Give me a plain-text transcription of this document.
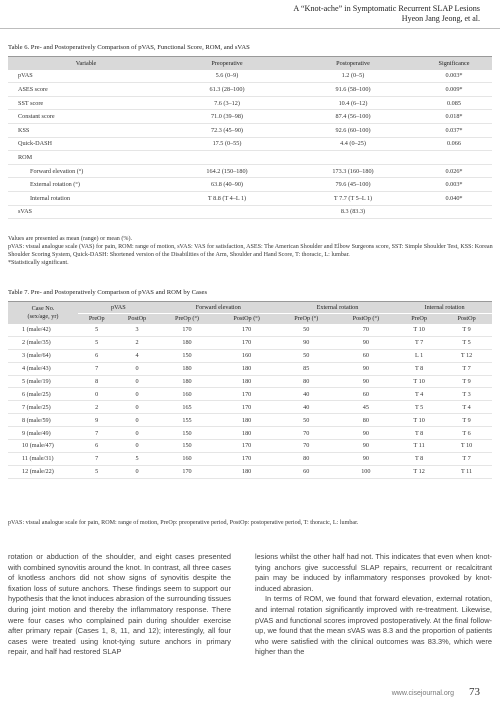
A “Knot-ache” in Symptomatic Recurrent SLAP Lesions
Hyeon Jang Jeong, et al.
Table 6. Pre- and Postoperatively Comparison of pVAS, Functional Score, ROM, and sVAS
Variable	Preoperative	Postoperative	Significance
pVAS	5.6 (0–9)	1.2 (0–5)	0.003*
ASES score	61.3 (28–100)	91.6 (58–100)	0.009*
SST score	7.6 (3–12)	10.4 (6–12)	0.085
Constant score	71.0 (39–98)	87.4 (56–100)	0.018*
KSS	72.3 (45–90)	92.6 (60–100)	0.037*
Quick-DASH	17.5 (0–55)	4.4 (0–25)	0.066
ROM			
Forward elevation (°)	164.2 (150–180)	173.3 (160–180)	0.026*
External rotation (°)	63.8 (40–90)	79.6 (45–100)	0.003*
Internal rotation	T 8.8 (T 4–L 1)	T 7.7 (T 5–L 1)	0.040*
sVAS		8.3 (83.3)	
Values are presented as mean (range) or mean (%).
pVAS: visual analogue scale (VAS) for pain, ROM: range of motion, sVAS: VAS for satisfaction, ASES: The American Shoulder and Elbow Surgeons score, SST: Simple Shoulder Test, KSS: Korean Shoulder Scoring System, Quick-DASH: Shortened version of the Disabilities of the Arm, Shoulder and Hand Score, T: thoracic, L: lumbar.
*Statistically significant.
Table 7. Pre- and Postoperatively Comparison of pVAS and ROM by Cases
Case No.
(sex/age, yr)	pVAS		Forward elevation		External rotation		Internal rotation	
	PreOp	PostOp	PreOp (°)	PostOp (°)	PreOp (°)	PostOp (°)	PreOp	PostOp
1 (male/42)	5	3	170	170	50	70	T 10	T 9
2 (male/35)	5	2	180	170	90	90	T 7	T 5
3 (male/64)	6	4	150	160	50	60	L 1	T 12
4 (male/43)	7	0	180	180	85	90	T 8	T 7
5 (male/19)	8	0	180	180	80	90	T 10	T 9
6 (male/25)	0	0	160	170	40	60	T 4	T 3
7 (male/25)	2	0	165	170	40	45	T 5	T 4
8 (male/59)	9	0	155	180	50	80	T 10	T 9
9 (male/49)	7	0	150	180	70	90	T 8	T 6
10 (male/47)	6	0	150	170	70	90	T 11	T 10
11 (male/31)	7	5	160	170	80	90	T 8	T 7
12 (male/22)	5	0	170	180	60	100	T 12	T 11
pVAS: visual analogue scale for pain, ROM: range of motion, PreOp: preoperative period, PostOp: postoperative period, T: thoracic, L: lumbar.

rotation or abduction of the shoulder, and eight cases presented with combined synovitis around the knot. In contrast, all three cases of knotless anchors did not show signs of synovitis despite the fixation loss of suture anchors. These findings seem to support our hypothesis that the knot induces abrasion of the surrounding tissues during joint motion and thereby the inflammatory response. There were four cases who complained pain during shoulder exercise after primary repair (Cases 1, 8, 11, and 12); interestingly, all four cases were treated using knot-tying suture anchors in primary repair, and half had restored SLAP

lesions whilst the other half had not. This indicates that even when knot-tying anchors give successful SLAP repairs, recurrent or recalcitrant pain may be induced by inflammatory responses provoked by knot-induced abrasion.

In terms of ROM, we found that forward elevation, external rotation, and internal rotation significantly improved with re-treatment. Likewise, pVAS and functional scores improved postoperatively. At the final follow-up, we found that the mean sVAS was 8.3 and the proportion of patients who were satisfied with the clinical outcomes was 83.3%, which were higher than the

www.cisejournal.org 73
